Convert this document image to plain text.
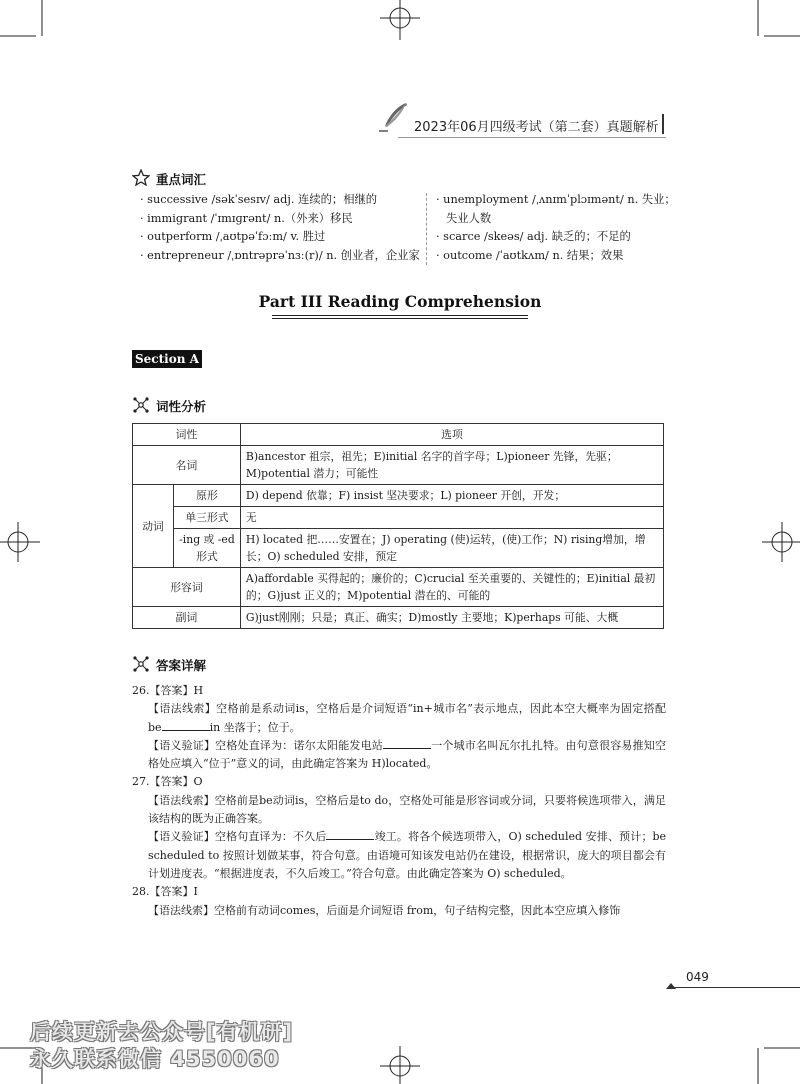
2023年06月四级考试（第二套）真题解析
重点词汇
· successive /səkˈsesɪv/ adj. 连续的；相继的
· immigrant /ˈɪmɪɡrənt/ n.（外来）移民
· outperform /ˌaʊtpəˈfɔːm/ v. 胜过
· entrepreneur /ˌɒntrəprəˈnɜː(r)/ n. 创业者，企业家
· unemployment /ˌʌnɪmˈplɔɪmənt/ n. 失业；
失业人数
· scarce /skeəs/ adj. 缺乏的；不足的
· outcome /ˈaʊtkʌm/ n. 结果；效果
Part III Reading Comprehension
Section A
词性分析
词性		选项
名词		B)ancestor 祖宗，祖先；E)initial 名字的首字母；L)pioneer 先锋，先驱；M)potential 潜力；可能性
动词	原形	D) depend 依靠；F) insist 坚决要求；L) pioneer 开创，开发；
	单三形式	无
	-ing 或 -ed 形式	H) located 把……安置在；J) operating (使)运转，(使)工作；N) rising增加，增长；O) scheduled 安排，预定
形容词		A)affordable 买得起的；廉价的；C)crucial 至关重要的、关键性的；E)initial 最初的；G)just 正义的；M)potential 潜在的、可能的
副词		G)just刚刚；只是；真正、确实；D)mostly 主要地；K)perhaps 可能、大概
答案详解
26.【答案】H
【语法线索】空格前是系动词is，空格后是介词短语“in+城市名”表示地点，因此本空大概率为固定搭配 be	in 坐落于；位于。
【语义验证】空格处直译为：诺尔太阳能发电站	一个城市名叫瓦尔扎扎特。由句意很容易推知空格处应填入“位于”意义的词，由此确定答案为 H)located。
27.【答案】O
【语法线索】空格前是be动词is，空格后是to do，空格处可能是形容词或分词，只要将候选项带入，满足该结构的既为正确答案。
【语义验证】空格句直译为：不久后	竣工。将各个候选项带入，O) scheduled 安排、预计；be scheduled to 按照计划做某事，符合句意。由语境可知该发电站仍在建设，根据常识，庞大的项目都会有计划进度表。“根据进度表，不久后竣工。”符合句意。由此确定答案为 O) scheduled。
28.【答案】I
【语法线索】空格前有动词comes，后面是介词短语 from，句子结构完整，因此本空应填入修饰
049
后续更新去公众号[有机研]
永久联系微信 4550060
